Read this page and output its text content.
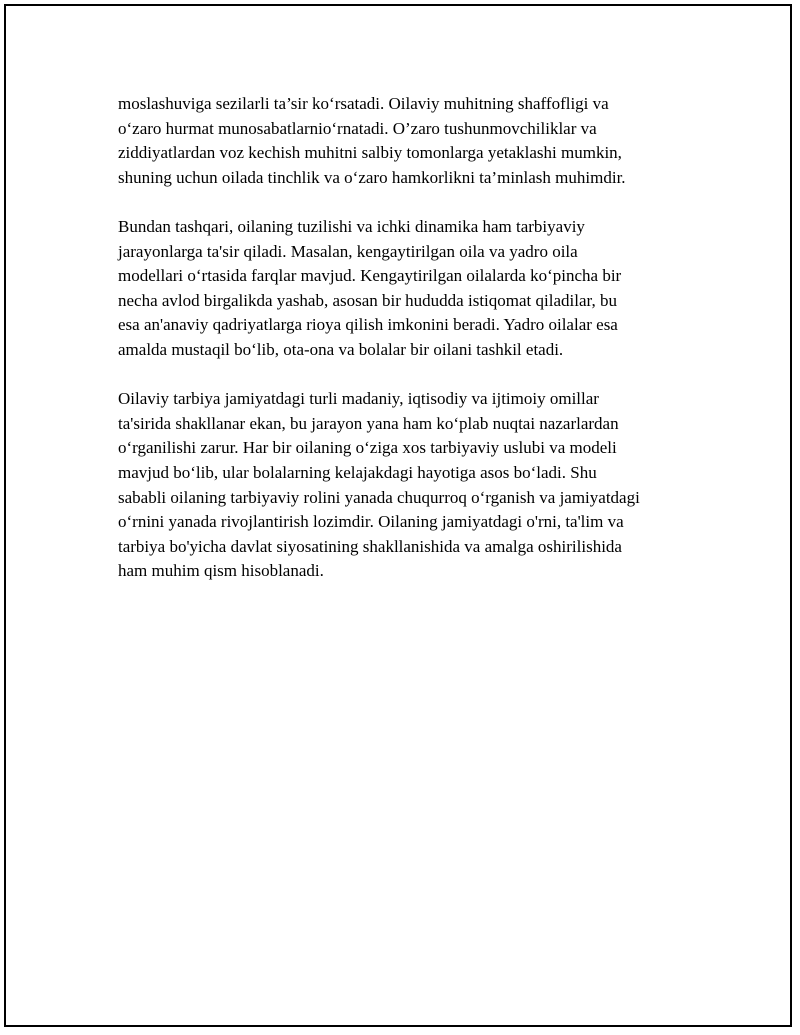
moslashuviga sezilarli ta’sir ko‘rsatadi. Oilaviy muhitning shaffofligi va
o‘zaro hurmat munosabatlarnio‘rnatadi. O’zaro tushunmovchiliklar va
ziddiyatlardan voz kechish muhitni salbiy tomonlarga yetaklashi mumkin,
shuning uchun oilada tinchlik va o‘zaro hamkorlikni ta’minlash muhimdir.
Bundan tashqari, oilaning tuzilishi va ichki dinamika ham tarbiyaviy
jarayonlarga ta'sir qiladi. Masalan, kengaytirilgan oila va yadro oila
modellari o‘rtasida farqlar mavjud. Kengaytirilgan oilalarda ko‘pincha bir
necha avlod birgalikda yashab, asosan bir hududda istiqomat qiladilar, bu
esa an'anaviy qadriyatlarga rioya qilish imkonini beradi. Yadro oilalar esa
amalda mustaqil bo‘lib, ota-ona va bolalar bir oilani tashkil etadi.
Oilaviy tarbiya jamiyatdagi turli madaniy, iqtisodiy va ijtimoiy omillar
ta'sirida shakllanar ekan, bu jarayon yana ham ko‘plab nuqtai nazarlardan
o‘rganilishi zarur. Har bir oilaning o‘ziga xos tarbiyaviy uslubi va modeli
mavjud bo‘lib, ular bolalarning kelajakdagi hayotiga asos bo‘ladi. Shu
sababli oilaning tarbiyaviy rolini yanada chuqurroq o‘rganish va jamiyatdagi
o‘rnini yanada rivojlantirish lozimdir. Oilaning jamiyatdagi o'rni, ta'lim va
tarbiya bo'yicha davlat siyosatining shakllanishida va amalga oshirilishida
ham muhim qism hisoblanadi.
